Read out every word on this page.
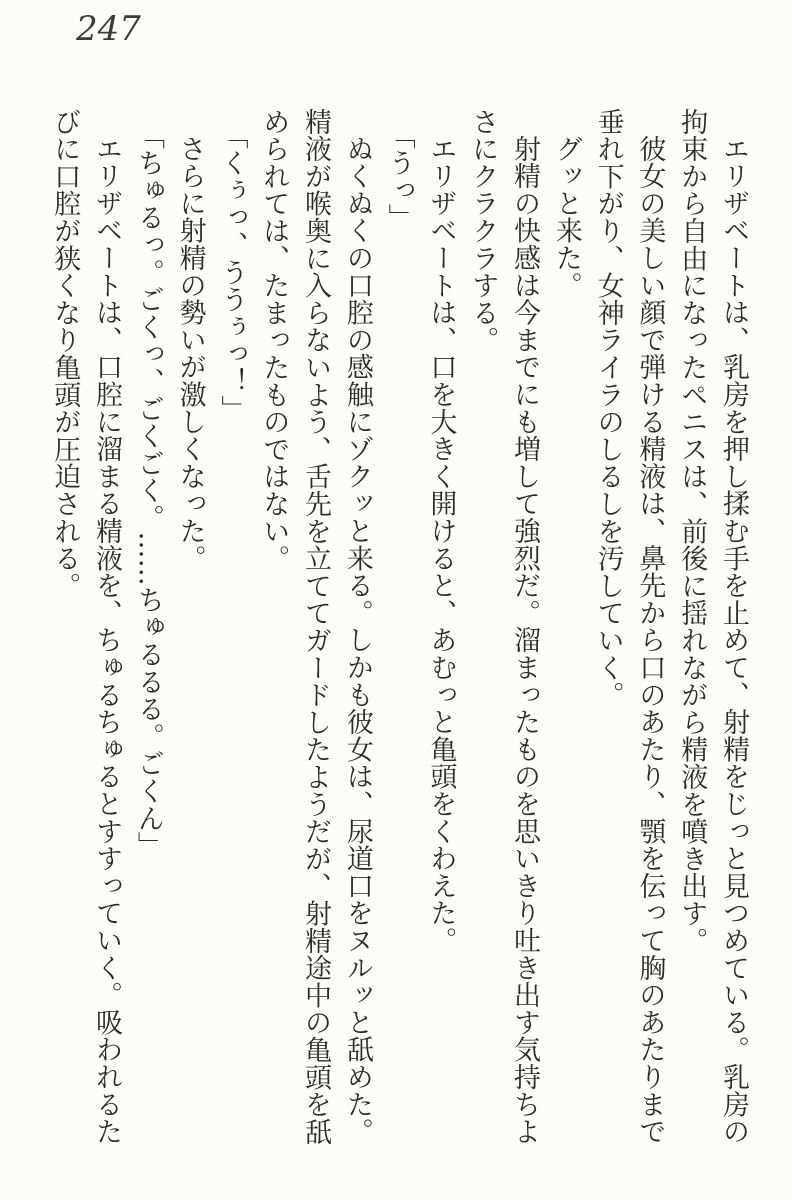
247
エリザベートは、乳房を押し揉む手を止めて、射精をじっと見つめている。乳房の
拘束から自由になったペニスは、前後に揺れながら精液を噴き出す。
彼女の美しい顔で弾ける精液は、鼻先から口のあたり、顎を伝って胸のあたりまで
垂れ下がり、女神ライラのしるしを汚していく。
グッと来た。
射精の快感は今までにも増して強烈だ。溜まったものを思いきり吐き出す気持ちよ
さにクラクラする。
エリザベートは、口を大きく開けると、あむっと亀頭をくわえた。
「うっ」
ぬくぬくの口腔の感触にゾクッと来る。しかも彼女は、尿道口をヌルッと舐めた。
精液が喉奥に入らないよう、舌先を立ててガードしたようだが、射精途中の亀頭を舐
められては、たまったものではない。
「くぅっ、ううぅっ！」
さらに射精の勢いが激しくなった。
「ちゅるっ。ごくっ、ごくごく。……ちゅるるる。ごくん」
エリザベートは、口腔に溜まる精液を、ちゅるちゅるとすすっていく。吸われるた
びに口腔が狭くなり亀頭が圧迫される。
